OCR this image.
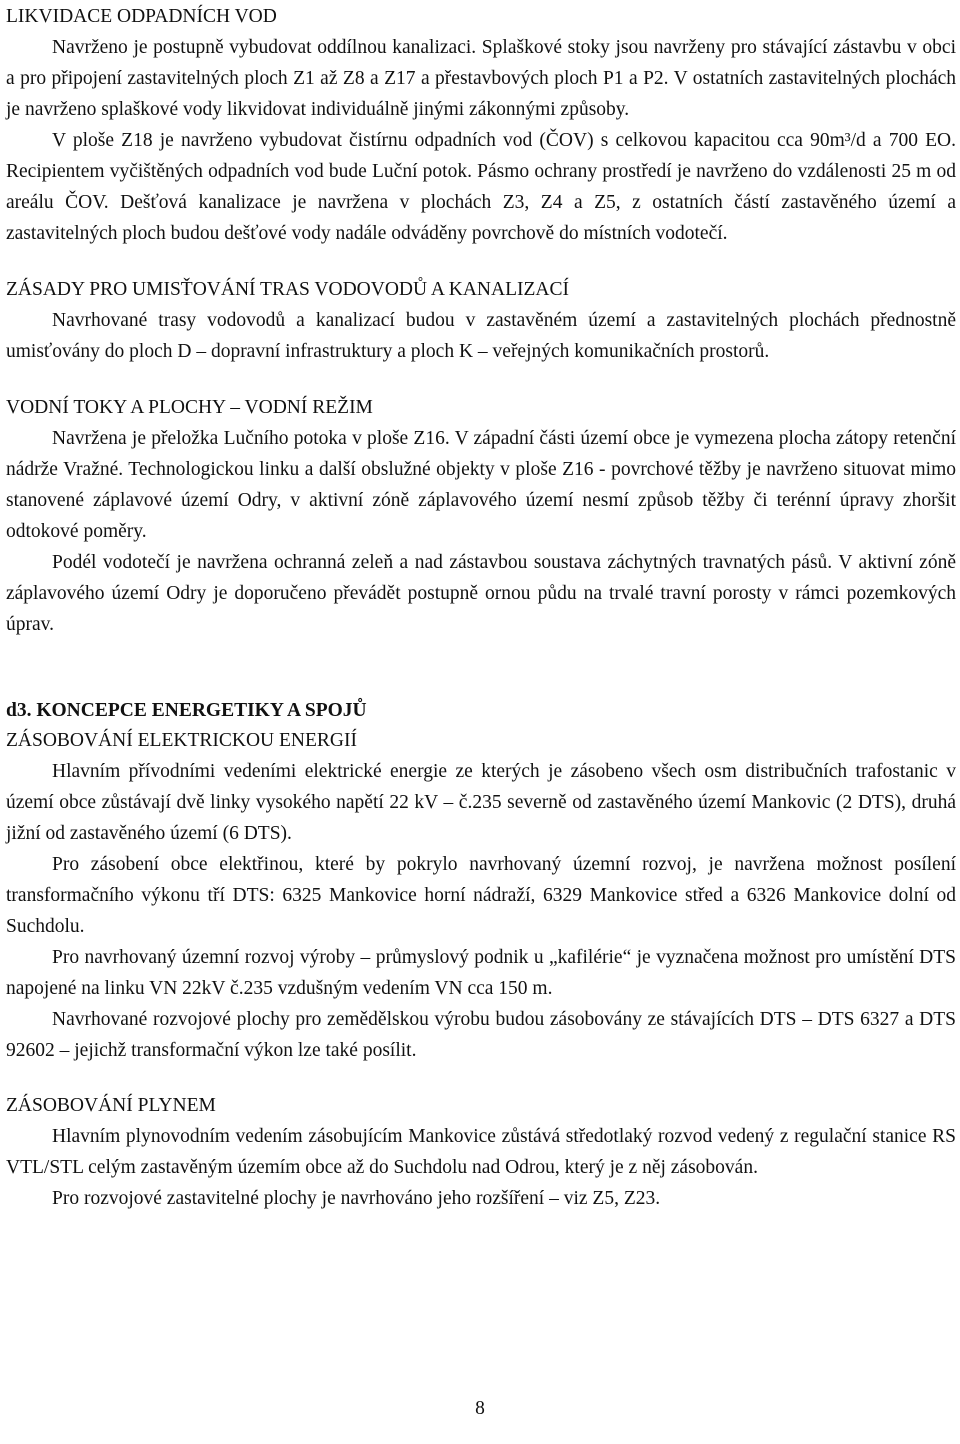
LIKVIDACE ODPADNÍCH VOD

Navrženo je postupně vybudovat oddílnou kanalizaci. Splaškové stoky jsou navrženy pro stávající zástavbu v obci a pro připojení zastavitelných ploch Z1 až Z8 a Z17 a přestavbových ploch P1 a P2. V ostatních zastavitelných plochách je navrženo splaškové vody likvidovat individuálně jinými zákonnými způsoby.

V ploše Z18 je navrženo vybudovat čistírnu odpadních vod (ČOV) s celkovou kapacitou cca 90m³/d a 700 EO. Recipientem vyčištěných odpadních vod bude Luční potok. Pásmo ochrany prostředí je navrženo do vzdálenosti 25 m od areálu ČOV. Dešťová kanalizace je navržena v plochách Z3, Z4 a Z5, z ostatních částí zastavěného území a zastavitelných ploch budou dešťové vody nadále odváděny povrchově do místních vodotečí.

ZÁSADY PRO UMISŤOVÁNÍ TRAS VODOVODŮ A KANALIZACÍ

Navrhované trasy vodovodů a kanalizací budou v zastavěném území a zastavitelných plochách přednostně umisťovány do ploch D – dopravní infrastruktury a ploch K – veřejných komunikačních prostorů.

VODNÍ TOKY A PLOCHY – VODNÍ REŽIM

Navržena je přeložka Lučního potoka v ploše Z16. V západní části území obce je vymezena plocha zátopy retenční nádrže Vražné. Technologickou linku a další obslužné objekty v ploše Z16 - povrchové těžby je navrženo situovat mimo stanovené záplavové území Odry, v aktivní zóně záplavového území nesmí způsob těžby či terénní úpravy zhoršit odtokové poměry.

Podél vodotečí je navržena ochranná zeleň a nad zástavbou soustava záchytných travnatých pásů. V aktivní zóně záplavového území Odry je doporučeno převádět postupně ornou půdu na trvalé travní porosty v rámci pozemkových úprav.

d3. KONCEPCE ENERGETIKY A SPOJŮ
ZÁSOBOVÁNÍ ELEKTRICKOU ENERGIÍ

Hlavním přívodními vedeními elektrické energie ze kterých je zásobeno všech osm distribučních trafostanic v území obce zůstávají dvě linky vysokého napětí 22 kV – č.235 severně od zastavěného území Mankovic (2 DTS), druhá jižní od zastavěného území (6 DTS).

Pro zásobení obce elektřinou, které by pokrylo navrhovaný územní rozvoj, je navržena možnost posílení transformačního výkonu tří DTS: 6325 Mankovice horní nádraží, 6329 Mankovice střed a 6326 Mankovice dolní od Suchdolu.

Pro navrhovaný územní rozvoj výroby – průmyslový podnik u „kafilérie“ je vyznačena možnost pro umístění DTS napojené na linku VN 22kV č.235 vzdušným vedením VN cca 150 m.

Navrhované rozvojové plochy pro zemědělskou výrobu budou zásobovány ze stávajících DTS – DTS 6327 a DTS 92602 – jejichž transformační výkon lze také posílit.

ZÁSOBOVÁNÍ PLYNEM

Hlavním plynovodním vedením zásobujícím Mankovice zůstává středotlaký rozvod vedený z regulační stanice RS VTL/STL celým zastavěným územím obce až do Suchdolu nad Odrou, který je z něj zásobován.

Pro rozvojové zastavitelné plochy je navrhováno jeho rozšíření – viz Z5, Z23.

8
